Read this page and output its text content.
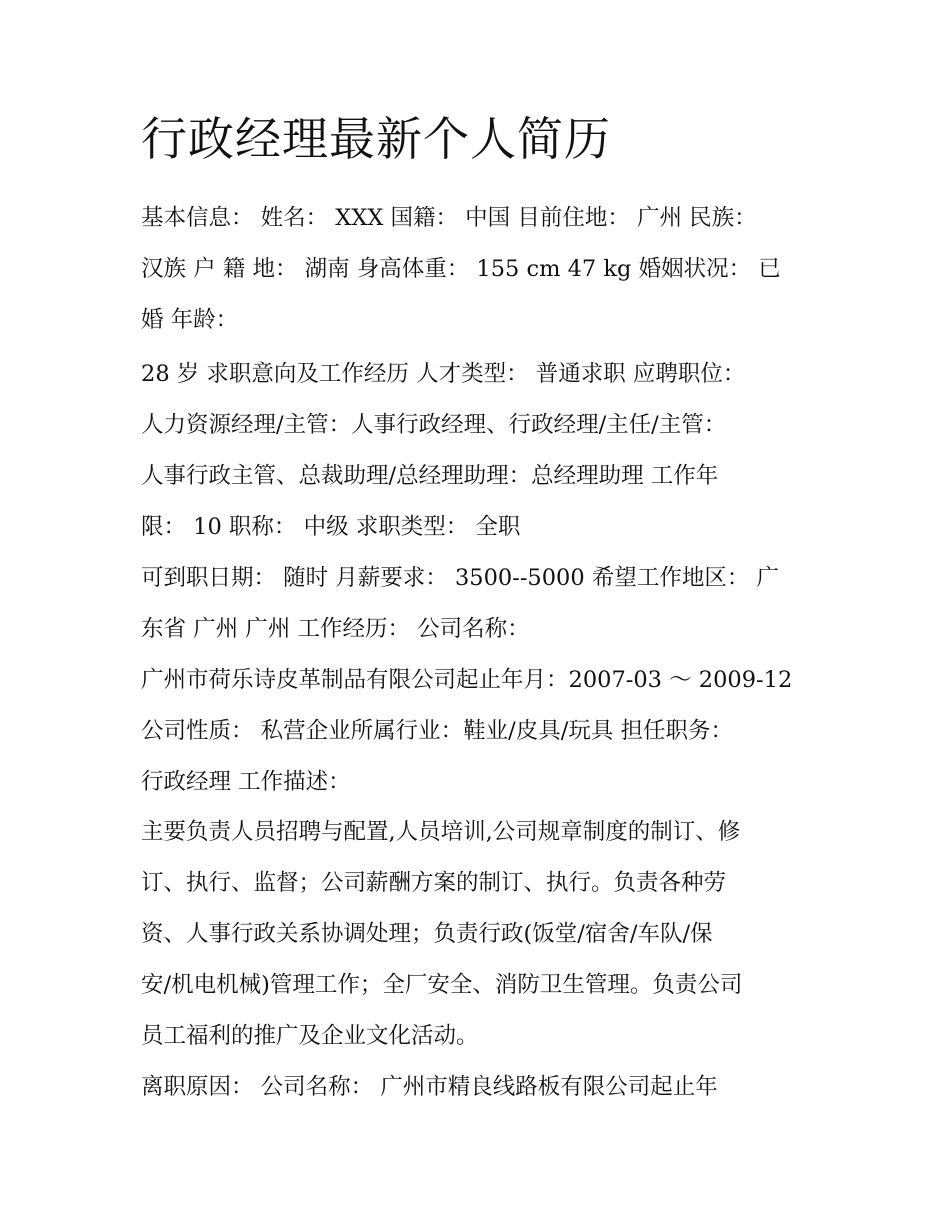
行政经理最新个人简历

基本信息： 姓名： XXX 国籍： 中国 目前住地： 广州 民族：

汉族 户 籍 地： 湖南 身高体重： 155 cm 47 kg 婚姻状况： 已

婚 年龄：

28 岁 求职意向及工作经历 人才类型： 普通求职 应聘职位：

人力资源经理/主管：人事行政经理、行政经理/主任/主管：

人事行政主管、总裁助理/总经理助理：总经理助理 工作年

限： 10 职称： 中级 求职类型： 全职

可到职日期： 随时 月薪要求： 3500--5000 希望工作地区： 广

东省 广州 广州 工作经历： 公司名称：

广州市荷乐诗皮革制品有限公司起止年月：2007-03 ～ 2009-12

公司性质： 私营企业所属行业：鞋业/皮具/玩具 担任职务：

行政经理 工作描述：

主要负责人员招聘与配置,人员培训,公司规章制度的制订、修

订、执行、监督；公司薪酬方案的制订、执行。负责各种劳

资、人事行政关系协调处理；负责行政(饭堂/宿舍/车队/保

安/机电机械)管理工作；全厂安全、消防卫生管理。负责公司

员工福利的推广及企业文化活动。

离职原因： 公司名称： 广州市精良线路板有限公司起止年
